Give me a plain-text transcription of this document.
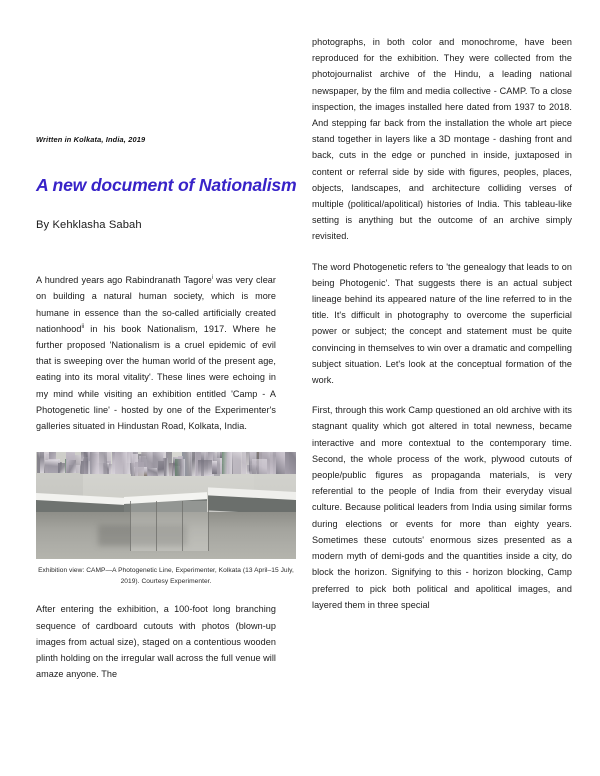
Written in Kolkata, India, 2019
A new document of Nationalism
By Kehklasha Sabah

A hundred years ago Rabindranath Tagore$^i$ was very clear on building a natural human society, which is more humane in essence than the so-called artificially created nationhood$^{ii}$ in his book Nationalism, 1917. Where he further proposed 'Nationalism is a cruel epidemic of evil that is sweeping over the human world of the present age, eating into its moral vitality'. These lines were echoing in my mind while visiting an exhibition entitled 'Camp - A Photogenetic line' - hosted by one of the Experimenter's galleries situated in Hindustan Road, Kolkata, India.

Exhibition view: CAMP—A Photogenetic Line, Experimenter, Kolkata (13 April–15 July, 2019). Courtesy Experimenter.

After entering the exhibition, a 100-foot long branching sequence of cardboard cutouts with photos (blown-up images from actual size), staged on a contentious wooden plinth holding on the irregular wall across the full venue will amaze anyone. The

photographs, in both color and monochrome, have been reproduced for the exhibition. They were collected from the photojournalist archive of the Hindu, a leading national newspaper, by the film and media collective - CAMP. To a close inspection, the images installed here dated from 1937 to 2018. And stepping far back from the installation the whole art piece stand together in layers like a 3D montage - dashing front and back, cuts in the edge or punched in inside, juxtaposed in content or referral side by side with figures, peoples, places, objects, landscapes, and architecture colliding verses of multiple (political/apolitical) histories of India. This tableau-like setting is anything but the outcome of an archive simply revisited.

The word Photogenetic refers to 'the genealogy that leads to on being Photogenic'. That suggests there is an actual subject lineage behind its appeared nature of the line referred to in the title. It's difficult in photography to overcome the superficial power or subject; the concept and statement must be quite convincing in themselves to win over a dramatic and compelling subject situation. Let's look at the conceptual formation of the work.

First, through this work Camp questioned an old archive with its stagnant quality which got altered in total newness, became interactive and more contextual to the contemporary time. Second, the whole process of the work, plywood cutouts of people/public figures as propaganda materials, is very referential to the people of India from their everyday visual culture. Because political leaders from India using similar forms during elections or events for more than eighty years. Sometimes these cutouts' enormous sizes presented as a modern myth of demi-gods and the quantities inside a city, do block the horizon. Signifying to this - horizon blocking, Camp preferred to pick both political and apolitical images, and layered them in three special
